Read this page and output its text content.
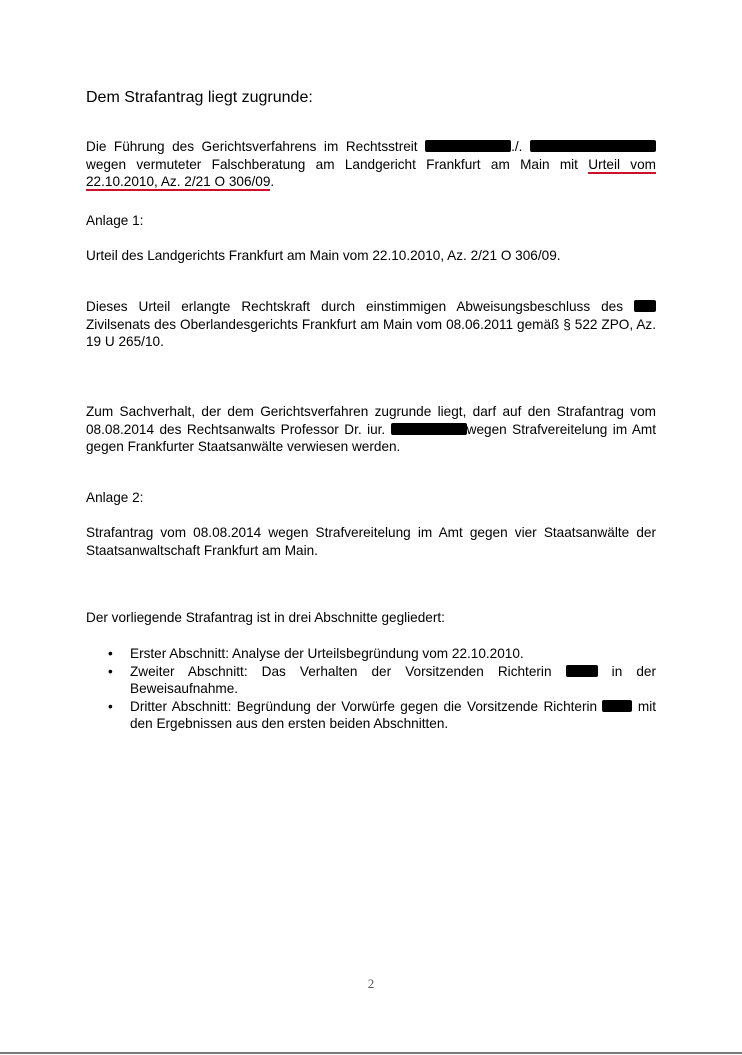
Dem Strafantrag liegt zugrunde:
Die Führung des Gerichtsverfahrens im Rechtsstreit	./.  wegen vermuteter Falschberatung am Landgericht Frankfurt am Main mit Urteil vom 22.10.2010, Az. 2/21 O 306/09.
Anlage 1:
Urteil des Landgerichts Frankfurt am Main vom 22.10.2010, Az. 2/21 O 306/09.
Dieses Urteil erlangte Rechtskraft durch einstimmigen Abweisungsbeschluss des  Zivilsenats des Oberlandesgerichts Frankfurt am Main vom 08.06.2011 gemäß § 522 ZPO, Az. 19 U 265/10.
Zum Sachverhalt, der dem Gerichtsverfahren zugrunde liegt, darf auf den Strafantrag vom 08.08.2014 des Rechtsanwalts Professor Dr. iur.	wegen Strafvereitelung im Amt gegen Frankfurter Staatsanwälte verwiesen werden.
Anlage 2:
Strafantrag vom 08.08.2014 wegen Strafvereitelung im Amt gegen vier Staatsanwälte der Staatsanwaltschaft Frankfurt am Main.
Der vorliegende Strafantrag ist in drei Abschnitte gegliedert:
• Erster Abschnitt: Analyse der Urteilsbegründung vom 22.10.2010.
• Zweiter Abschnitt: Das Verhalten der Vorsitzenden Richterin  in der Beweisaufnahme.
• Dritter Abschnitt: Begründung der Vorwürfe gegen die Vorsitzende Richterin  mit den Ergebnissen aus den ersten beiden Abschnitten.
2
